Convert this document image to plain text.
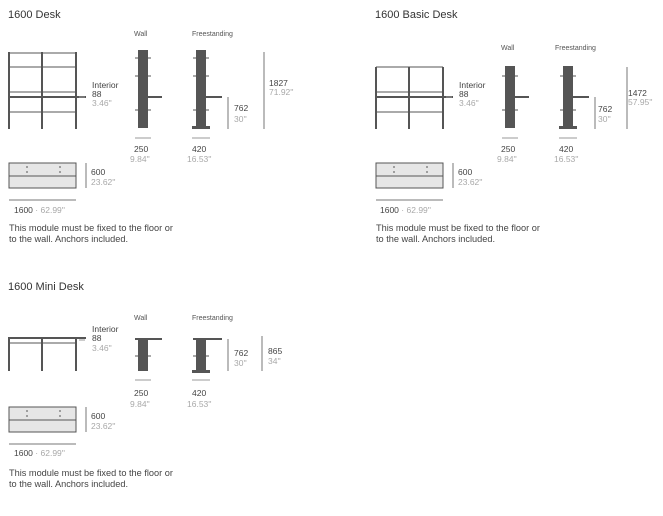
1600 Desk
Wall	Freestanding
Interior
88
3.46''
1827
71.92''
762
30''
250
9.84''
420
16.53''
600
23.62''
1600 · 62.99''
This module must be fixed to the floor or to the wall. Anchors included.
1600 Basic Desk
Wall	Freestanding
Interior
88
3.46''
1472
57.95''
762
30''
250
9.84''
420
16.53''
600
23.62''
1600 · 62.99''
This module must be fixed to the floor or to the wall. Anchors included.
1600 Mini Desk
Wall	Freestanding
Interior
88
3.46''	865
34''
762
30''
250
9.84''
420
16.53''
600
23.62''
1600 · 62.99''
This module must be fixed to the floor or to the wall. Anchors included.
